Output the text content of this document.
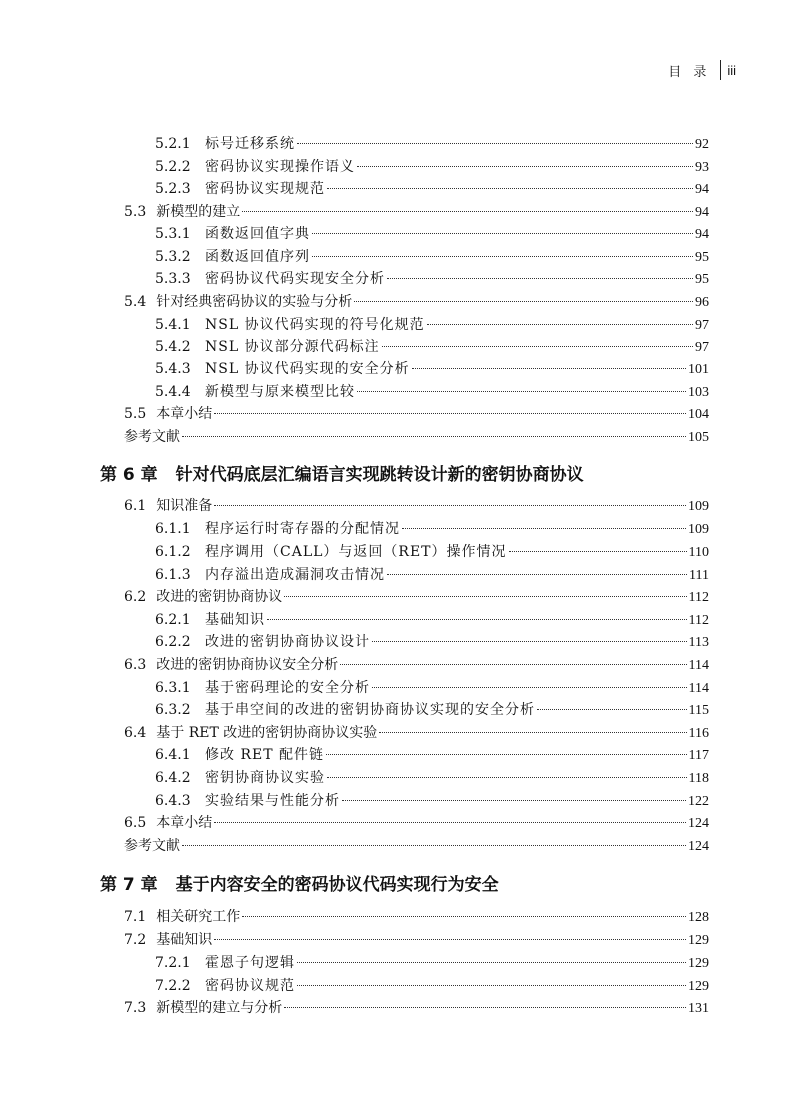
目 录 iii
5.2.1 标号迁移系统	92
5.2.2 密码协议实现操作语义	93
5.2.3 密码协议实现规范	94
5.3 新模型的建立	94
5.3.1 函数返回值字典	94
5.3.2 函数返回值序列	95
5.3.3 密码协议代码实现安全分析	95
5.4 针对经典密码协议的实验与分析	96
5.4.1 NSL 协议代码实现的符号化规范	97
5.4.2 NSL 协议部分源代码标注	97
5.4.3 NSL 协议代码实现的安全分析	101
5.4.4 新模型与原来模型比较	103
5.5 本章小结	104
参考文献	105
第 6 章 针对代码底层汇编语言实现跳转设计新的密钥协商协议
6.1 知识准备	109
6.1.1 程序运行时寄存器的分配情况	109
6.1.2 程序调用（CALL）与返回（RET）操作情况	110
6.1.3 内存溢出造成漏洞攻击情况	111
6.2 改进的密钥协商协议	112
6.2.1 基础知识	112
6.2.2 改进的密钥协商协议设计	113
6.3 改进的密钥协商协议安全分析	114
6.3.1 基于密码理论的安全分析	114
6.3.2 基于串空间的改进的密钥协商协议实现的安全分析	115
6.4 基于 RET 改进的密钥协商协议实验	116
6.4.1 修改 RET 配件链	117
6.4.2 密钥协商协议实验	118
6.4.3 实验结果与性能分析	122
6.5 本章小结	124
参考文献	124
第 7 章 基于内容安全的密码协议代码实现行为安全
7.1 相关研究工作	128
7.2 基础知识	129
7.2.1 霍恩子句逻辑	129
7.2.2 密码协议规范	129
7.3 新模型的建立与分析	131
